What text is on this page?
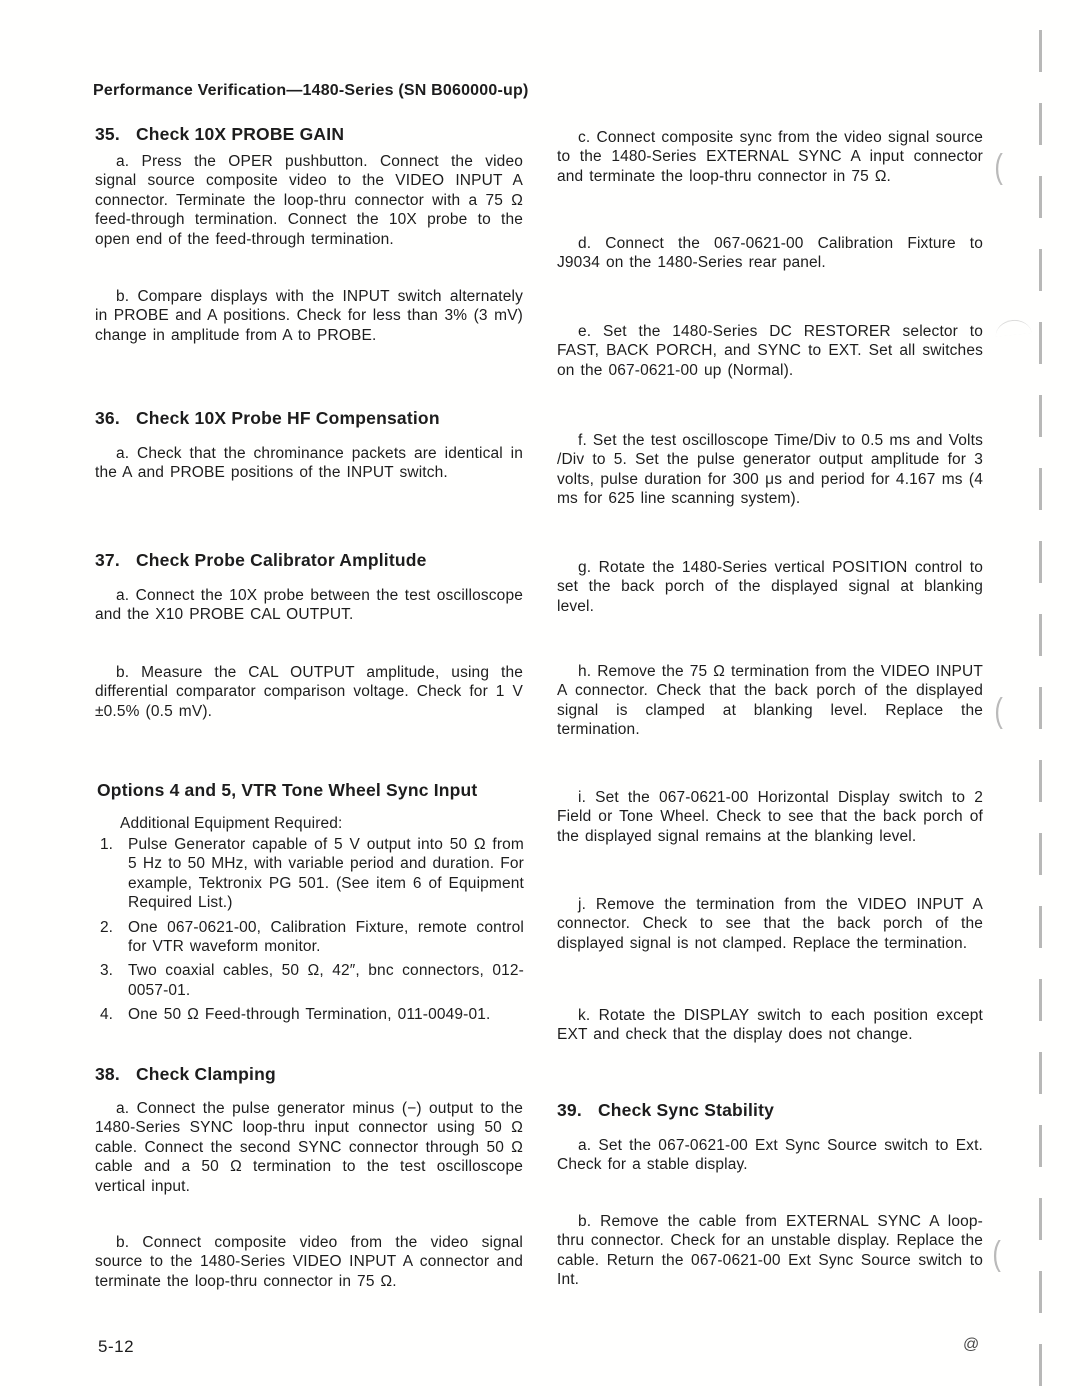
Performance Verification—1480-Series (SN B060000-up)
35. Check 10X PROBE GAIN
a. Press the OPER pushbutton. Connect the video signal source composite video to the VIDEO INPUT A connector. Terminate the loop-thru connector with a 75 Ω feed-through termination. Connect the 10X probe to the open end of the feed-through termination.
b. Compare displays with the INPUT switch alternately in PROBE and A positions. Check for less than 3% (3 mV) change in amplitude from A to PROBE.
36. Check 10X Probe HF Compensation
a. Check that the chrominance packets are identical in the A and PROBE positions of the INPUT switch.
37. Check Probe Calibrator Amplitude
a. Connect the 10X probe between the test oscilloscope and the X10 PROBE CAL OUTPUT.
b. Measure the CAL OUTPUT amplitude, using the differential comparator comparison voltage. Check for 1 V ±0.5% (0.5 mV).
Options 4 and 5, VTR Tone Wheel Sync Input
Additional Equipment Required:
1. Pulse Generator capable of 5 V output into 50 Ω from 5 Hz to 50 MHz, with variable period and duration. For example, Tektronix PG 501. (See item 6 of Equipment Required List.)
2. One 067-0621-00, Calibration Fixture, remote control for VTR waveform monitor.
3. Two coaxial cables, 50 Ω, 42″, bnc connectors, 012-0057-01.
4. One 50 Ω Feed-through Termination, 011-0049-01.
38. Check Clamping
a. Connect the pulse generator minus (−) output to the 1480-Series SYNC loop-thru input connector using 50 Ω cable. Connect the second SYNC connector through 50 Ω cable and a 50 Ω termination to the test oscilloscope vertical input.
b. Connect composite video from the video signal source to the 1480-Series VIDEO INPUT A connector and terminate the loop-thru connector in 75 Ω.
5-12
c. Connect composite sync from the video signal source to the 1480-Series EXTERNAL SYNC A input connector and terminate the loop-thru connector in 75 Ω.
d. Connect the 067-0621-00 Calibration Fixture to J9034 on the 1480-Series rear panel.
e. Set the 1480-Series DC RESTORER selector to FAST, BACK PORCH, and SYNC to EXT. Set all switches on the 067-0621-00 up (Normal).
f. Set the test oscilloscope Time/Div to 0.5 ms and Volts /Div to 5. Set the pulse generator output amplitude for 3 volts, pulse duration for 300 μs and period for 4.167 ms (4 ms for 625 line scanning system).
g. Rotate the 1480-Series vertical POSITION control to set the back porch of the displayed signal at blanking level.
h. Remove the 75 Ω termination from the VIDEO INPUT A connector. Check that the back porch of the displayed signal is clamped at blanking level. Replace the termination.
i. Set the 067-0621-00 Horizontal Display switch to 2 Field or Tone Wheel. Check to see that the back porch of the displayed signal remains at the blanking level.
j. Remove the termination from the VIDEO INPUT A connector. Check to see that the back porch of the displayed signal is not clamped. Replace the termination.
k. Rotate the DISPLAY switch to each position except EXT and check that the display does not change.
39. Check Sync Stability
a. Set the 067-0621-00 Ext Sync Source switch to Ext. Check for a stable display.
b. Remove the cable from EXTERNAL SYNC A loop-thru connector. Check for an unstable display. Replace the cable. Return the 067-0621-00 Ext Sync Source switch to Int.
@
(
(
(
